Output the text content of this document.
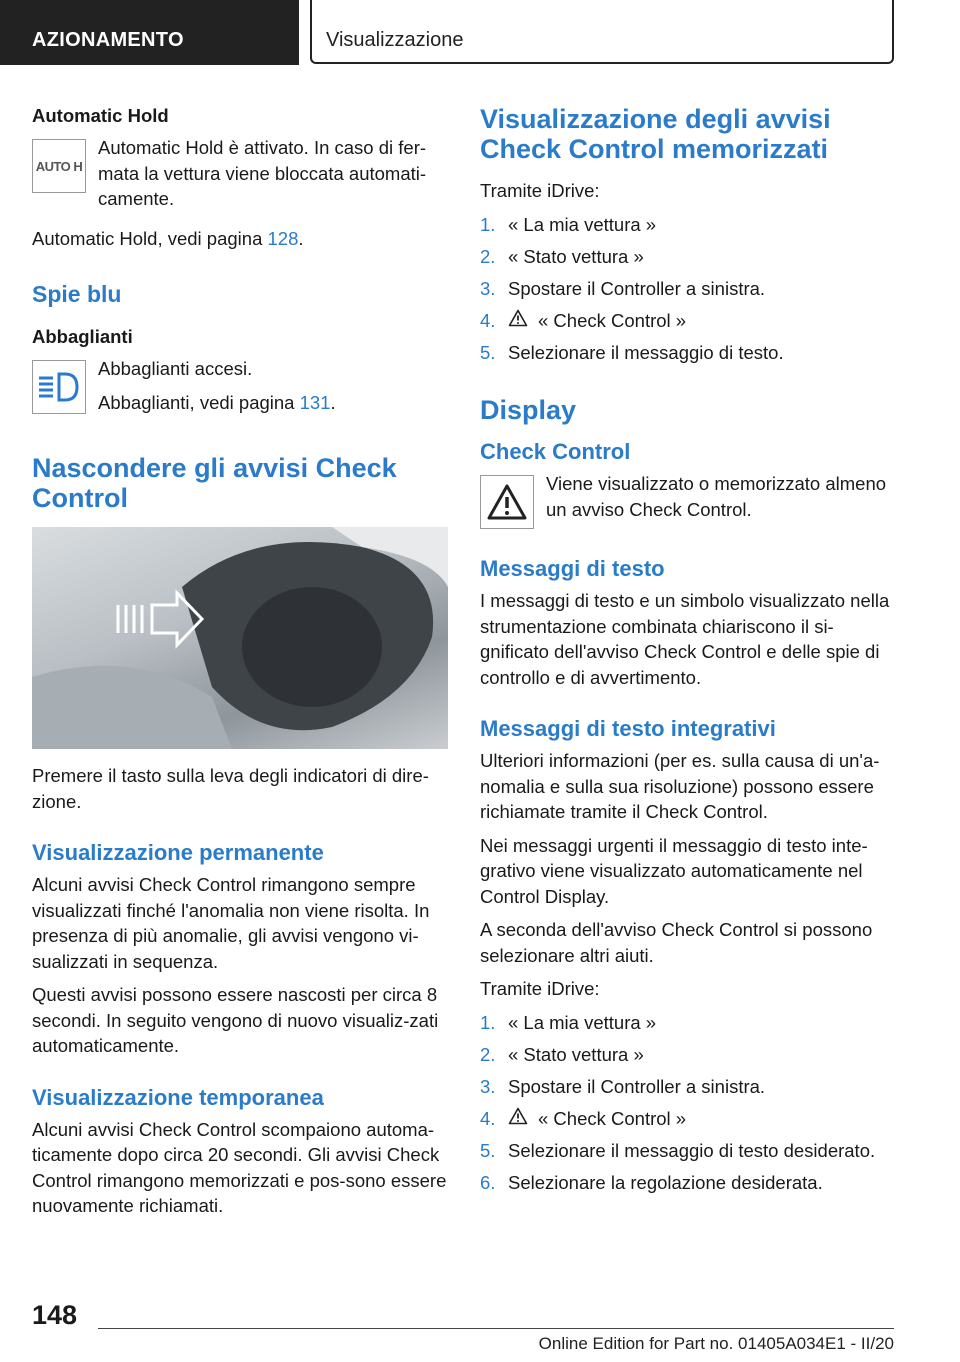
AZIONAMENTO	Visualizzazione
Automatic Hold
AUTO H

Automatic Hold è attivato. In caso di fer-mata la vettura viene bloccata automati-camente.

Automatic Hold, vedi pagina 128.

Spie blu
Abbaglianti

Abbaglianti accesi.

Abbaglianti, vedi pagina 131.

Nascondere gli avvisi Check Control

Premere il tasto sulla leva degli indicatori di dire-zione.

Visualizzazione permanente

Alcuni avvisi Check Control rimangono sempre visualizzati finché l'anomalia non viene risolta. In presenza di più anomalie, gli avvisi vengono vi-sualizzati in sequenza.

Questi avvisi possono essere nascosti per circa 8 secondi. In seguito vengono di nuovo visualiz-zati automaticamente.

Visualizzazione temporanea

Alcuni avvisi Check Control scompaiono automa-ticamente dopo circa 20 secondi. Gli avvisi Check Control rimangono memorizzati e pos-sono essere nuovamente richiamati.

Visualizzazione degli avvisi Check Control memorizzati

Tramite iDrive:

1. « La mia vettura »
2. « Stato vettura »
3. Spostare il Controller a sinistra.
4.	« Check Control »
5. Selezionare il messaggio di testo.
Display
Check Control

Viene visualizzato o memorizzato almeno un avviso Check Control.

Messaggi di testo

I messaggi di testo e un simbolo visualizzato nella strumentazione combinata chiariscono il si-gnificato dell'avviso Check Control e delle spie di controllo e di avvertimento.

Messaggi di testo integrativi

Ulteriori informazioni (per es. sulla causa di un'a-nomalia e sulla sua risoluzione) possono essere richiamate tramite il Check Control.

Nei messaggi urgenti il messaggio di testo inte-grativo viene visualizzato automaticamente nel Control Display.

A seconda dell'avviso Check Control si possono selezionare altri aiuti.

Tramite iDrive:

1. « La mia vettura »
2. « Stato vettura »
3. Spostare il Controller a sinistra.
4.	« Check Control »
5. Selezionare il messaggio di testo desiderato.
6. Selezionare la regolazione desiderata.
148
Online Edition for Part no. 01405A034E1 - II/20
